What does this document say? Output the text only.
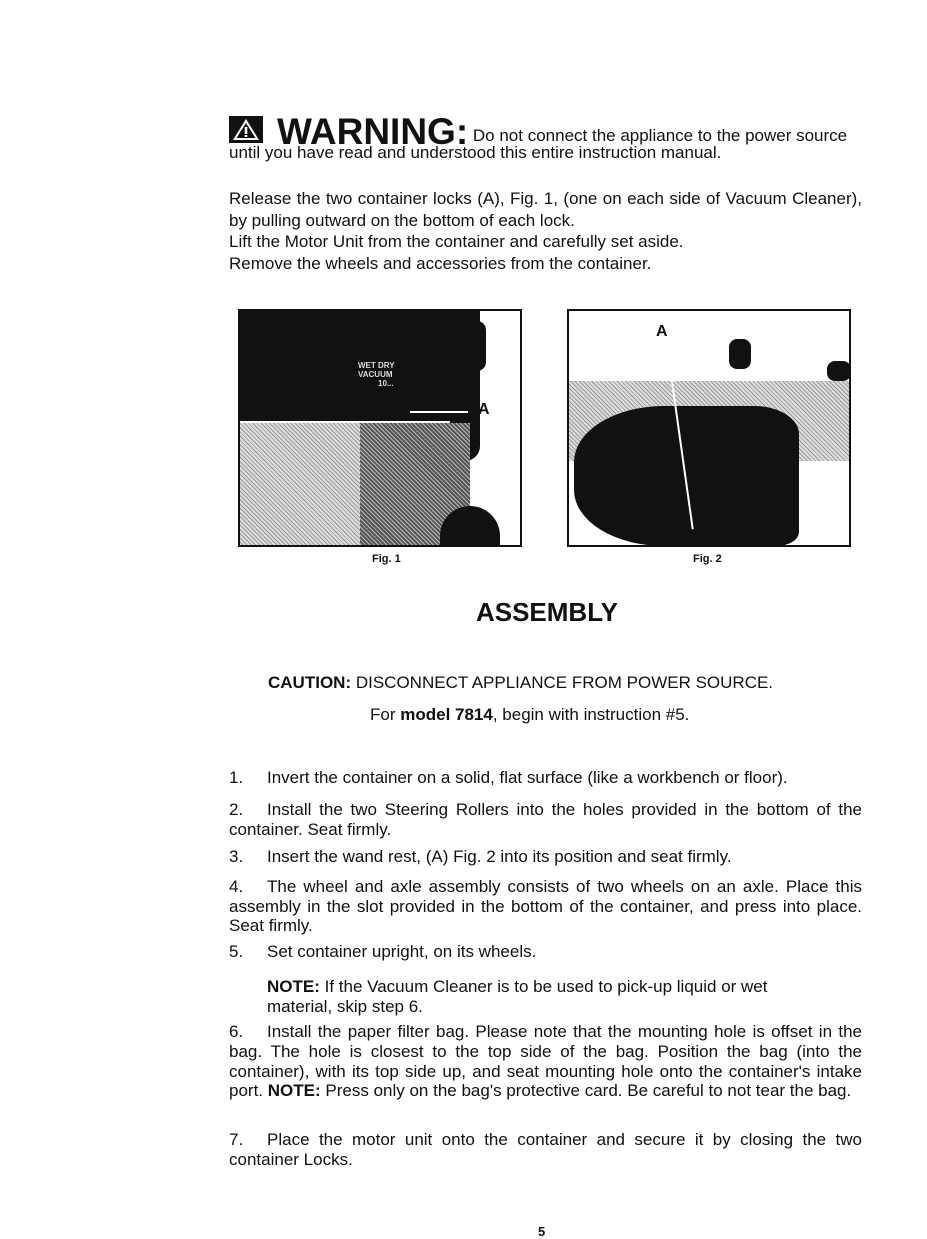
WARNING: Do not connect the appliance to the power source
until you have read and understood this entire instruction manual.
Release the two container locks (A), Fig. 1, (one on each side of Vacuum Cleaner), by pulling outward on the bottom of each lock.
Lift the Motor Unit from the container and carefully set aside.
Remove the wheels and accessories from the container.
WET DRY
VACUUM
10...
A
Fig. 1
A
Fig. 2
ASSEMBLY
CAUTION: DISCONNECT APPLIANCE FROM POWER SOURCE.
For model 7814, begin with instruction #5.
1. Invert the container on a solid, flat surface (like a workbench or floor).
2. Install the two Steering Rollers into the holes provided in the bottom of the container. Seat firmly.
3. Insert the wand rest, (A) Fig. 2 into its position and seat firmly.
4. The wheel and axle assembly consists of two wheels on an axle. Place this assembly in the slot provided in the bottom of the container, and press into place. Seat firmly.
5. Set container upright, on its wheels.
NOTE: If the Vacuum Cleaner is to be used to pick-up liquid or wet material, skip step 6.
6. Install the paper filter bag. Please note that the mounting hole is offset in the bag. The hole is closest to the top side of the bag. Position the bag (into the container), with its top side up, and seat mounting hole onto the container's intake port. NOTE: Press only on the bag's protective card. Be careful to not tear the bag.
7. Place the motor unit onto the container and secure it by closing the two container Locks.
5
